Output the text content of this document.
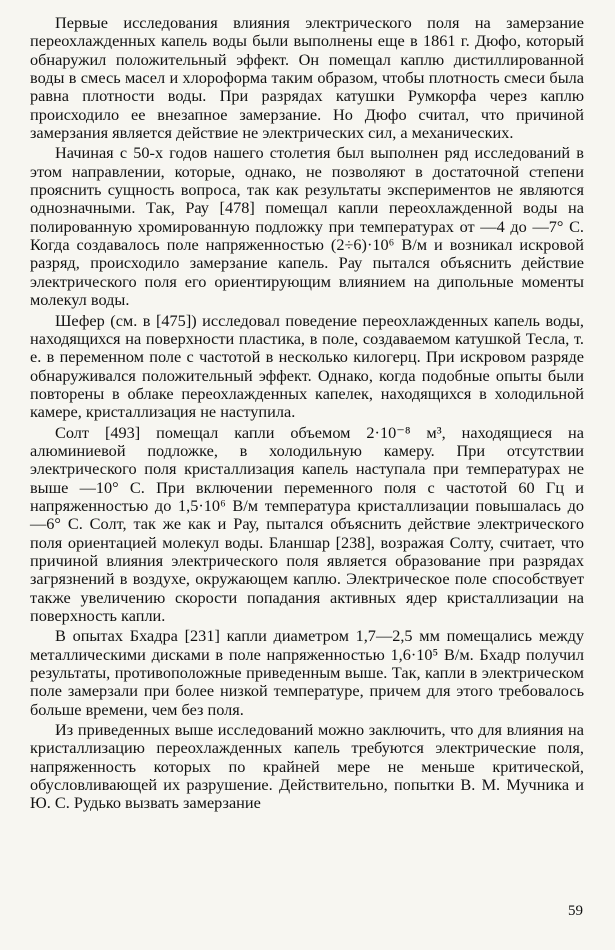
Первые исследования влияния электрического поля на замерзание переохлажденных капель воды были выполнены еще в 1861 г. Дюфо, который обнаружил положительный эффект. Он помещал каплю дистиллированной воды в смесь масел и хлороформа таким образом, чтобы плотность смеси была равна плотности воды. При разрядах катушки Румкорфа через каплю происходило ее внезапное замерзание. Но Дюфо считал, что причиной замерзания является действие не электрических сил, а механических.

Начиная с 50-х годов нашего столетия был выполнен ряд исследований в этом направлении, которые, однако, не позволяют в достаточной степени прояснить сущность вопроса, так как результаты экспериментов не являются однозначными. Так, Рау [478] помещал капли переохлажденной воды на полированную хромированную подложку при температурах от —4 до —7° С. Когда создавалось поле напряженностью (2÷6)·10⁶ В/м и возникал искровой разряд, происходило замерзание капель. Рау пытался объяснить действие электрического поля его ориентирующим влиянием на дипольные моменты молекул воды.

Шефер (см. в [475]) исследовал поведение переохлажденных капель воды, находящихся на поверхности пластика, в поле, создаваемом катушкой Тесла, т. е. в переменном поле с частотой в несколько килогерц. При искровом разряде обнаруживался положительный эффект. Однако, когда подобные опыты были повторены в облаке переохлажденных капелек, находящихся в холодильной камере, кристаллизация не наступила.

Солт [493] помещал капли объемом 2·10⁻⁸ м³, находящиеся на алюминиевой подложке, в холодильную камеру. При отсутствии электрического поля кристаллизация капель наступала при температурах не выше —10° С. При включении переменного поля с частотой 60 Гц и напряженностью до 1,5·10⁶ В/м температура кристаллизации повышалась до —6° С. Солт, так же как и Рау, пытался объяснить действие электрического поля ориентацией молекул воды. Бланшар [238], возражая Солту, считает, что причиной влияния электрического поля является образование при разрядах загрязнений в воздухе, окружающем каплю. Электрическое поле способствует также увеличению скорости попадания активных ядер кристаллизации на поверхность капли.

В опытах Бхадра [231] капли диаметром 1,7—2,5 мм помещались между металлическими дисками в поле напряженностью 1,6·10⁵ В/м. Бхадр получил результаты, противоположные приведенным выше. Так, капли в электрическом поле замерзали при более низкой температуре, причем для этого требовалось больше времени, чем без поля.

Из приведенных выше исследований можно заключить, что для влияния на кристаллизацию переохлажденных капель требуются электрические поля, напряженность которых по крайней мере не меньше критической, обусловливающей их разрушение. Действительно, попытки В. М. Мучника и Ю. С. Рудько вызвать замерзание

59
